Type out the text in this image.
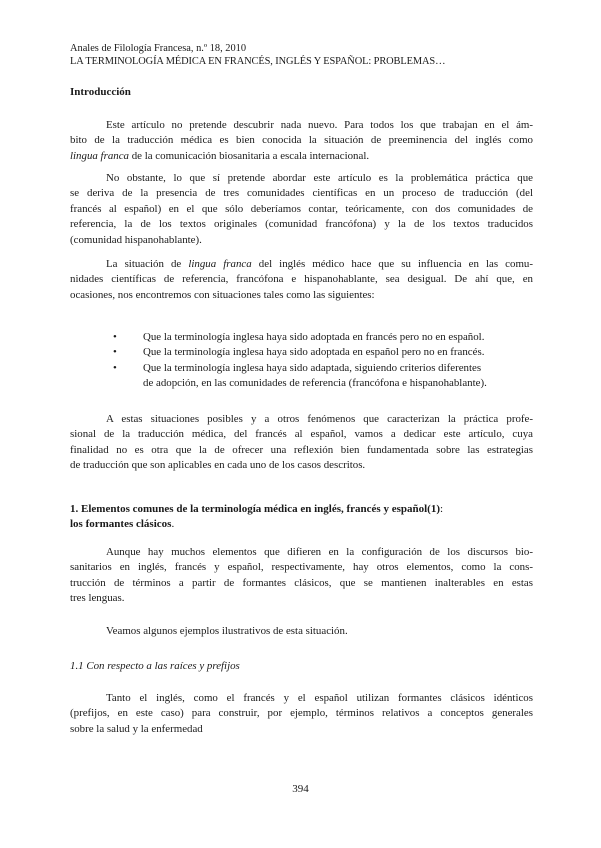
Anales de Filología Francesa, n.º 18, 2010
LA TERMINOLOGÍA MÉDICA EN FRANCÉS, INGLÉS Y ESPAÑOL: PROBLEMAS…
Introducción
Este artículo no pretende descubrir nada nuevo. Para todos los que trabajan en el ám-
bito de la traducción médica es bien conocida la situación de preeminencia del inglés como
lingua franca de la comunicación biosanitaria a escala internacional.
No obstante, lo que sí pretende abordar este artículo es la problemática práctica que
se deriva de la presencia de tres comunidades científicas en un proceso de traducción (del
francés al español) en el que sólo deberíamos contar, teóricamente, con dos comunidades de
referencia, la de los textos originales (comunidad francófona) y la de los textos traducidos
(comunidad hispanohablante).
La situación de lingua franca del inglés médico hace que su influencia en las comu-
nidades científicas de referencia, francófona e hispanohablante, sea desigual. De ahí que, en
ocasiones, nos encontremos con situaciones tales como las siguientes:
• Que la terminología inglesa haya sido adoptada en francés pero no en español.
• Que la terminología inglesa haya sido adoptada en español pero no en francés.
• Que la terminología inglesa haya sido adaptada, siguiendo criterios diferentes
de adopción, en las comunidades de referencia (francófona e hispanohablante).
A estas situaciones posibles y a otros fenómenos que caracterizan la práctica profe-
sional de la traducción médica, del francés al español, vamos a dedicar este artículo, cuya
finalidad no es otra que la de ofrecer una reflexión bien fundamentada sobre las estrategias
de traducción que son aplicables en cada uno de los casos descritos.
1. Elementos comunes de la terminología médica en inglés, francés y español(1):
los formantes clásicos.
Aunque hay muchos elementos que difieren en la configuración de los discursos bio-
sanitarios en inglés, francés y español, respectivamente, hay otros elementos, como la cons-
trucción de términos a partir de formantes clásicos, que se mantienen inalterables en estas
tres lenguas.
Veamos algunos ejemplos ilustrativos de esta situación.
1.1 Con respecto a las raíces y prefijos
Tanto el inglés, como el francés y el español utilizan formantes clásicos idénticos
(prefijos, en este caso) para construir, por ejemplo, términos relativos a conceptos generales
sobre la salud y la enfermedad
394
